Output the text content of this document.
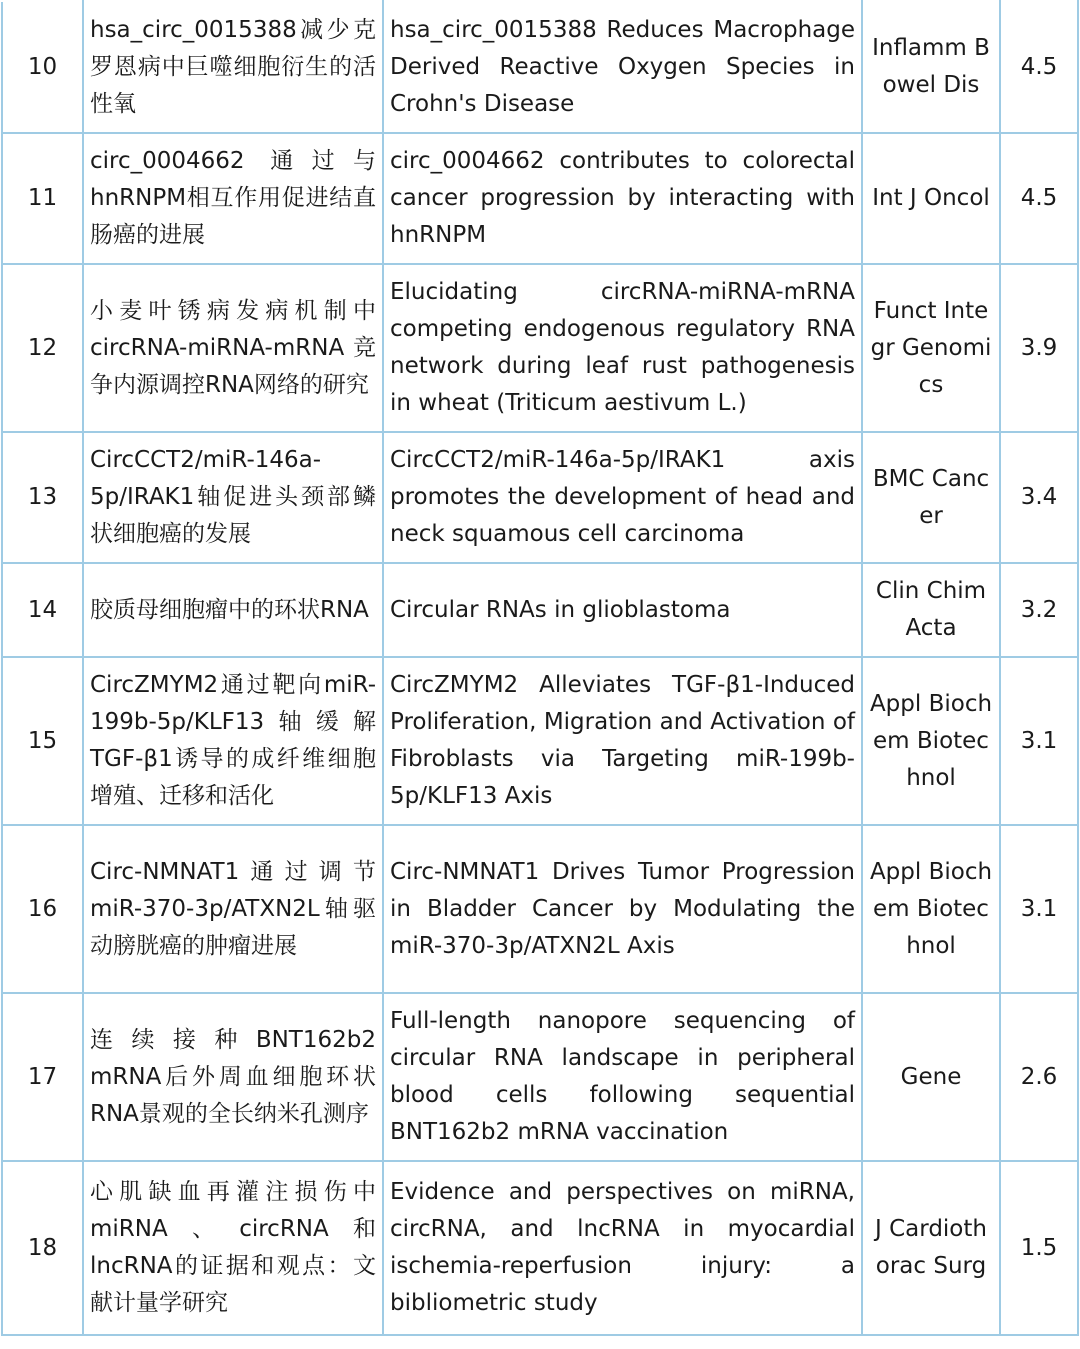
10	hsa_circ_0015388减少克罗恩病中巨噬细胞衍生的活性氧	hsa_circ_0015388 Reduces Macrophage Derived Reactive Oxygen Species in Crohn's Disease	Inflamm Bowel Dis	4.5
11	circ_0004662 通过与hnRNPM相互作用促进结直肠癌的进展	circ_0004662 contributes to colorectal cancer progression by interacting with hnRNPM	Int J Oncol	4.5
12	小麦叶锈病发病机制中circRNA-miRNA-mRNA竞争内源调控RNA网络的研究	Elucidating circRNA-miRNA-mRNA competing endogenous regulatory RNA network during leaf rust pathogenesis in wheat (Triticum aestivum L.)	Funct Integr Genomics	3.9
13	CircCCT2/miR-146a-5p/IRAK1轴促进头颈部鳞状细胞癌的发展	CircCCT2/miR-146a-5p/IRAK1 axis promotes the development of head and neck squamous cell carcinoma	BMC Cancer	3.4
14	胶质母细胞瘤中的环状RNA	Circular RNAs in glioblastoma	Clin Chim Acta	3.2
15	CircZMYM2通过靶向miR-199b-5p/KLF13轴缓解TGF-β1诱导的成纤维细胞增殖、迁移和活化	CircZMYM2 Alleviates TGF-β1-Induced Proliferation, Migration and Activation of Fibroblasts via Targeting miR-199b-5p/KLF13 Axis	Appl Biochem Biotechnol	3.1
16	Circ-NMNAT1通过调节miR-370-3p/ATXN2L轴驱动膀胱癌的肿瘤进展	Circ-NMNAT1 Drives Tumor Progression in Bladder Cancer by Modulating the miR-370-3p/ATXN2L Axis	Appl Biochem Biotechnol	3.1
17	连续接种BNT162b2 mRNA后外周血细胞环状RNA景观的全长纳米孔测序	Full-length nanopore sequencing of circular RNA landscape in peripheral blood cells following sequential BNT162b2 mRNA vaccination	Gene	2.6
18	心肌缺血再灌注损伤中miRNA、circRNA和lncRNA的证据和观点：文献计量学研究	Evidence and perspectives on miRNA, circRNA, and lncRNA in myocardial ischemia-reperfusion injury: a bibliometric study	J Cardiothorac Surg	1.5
